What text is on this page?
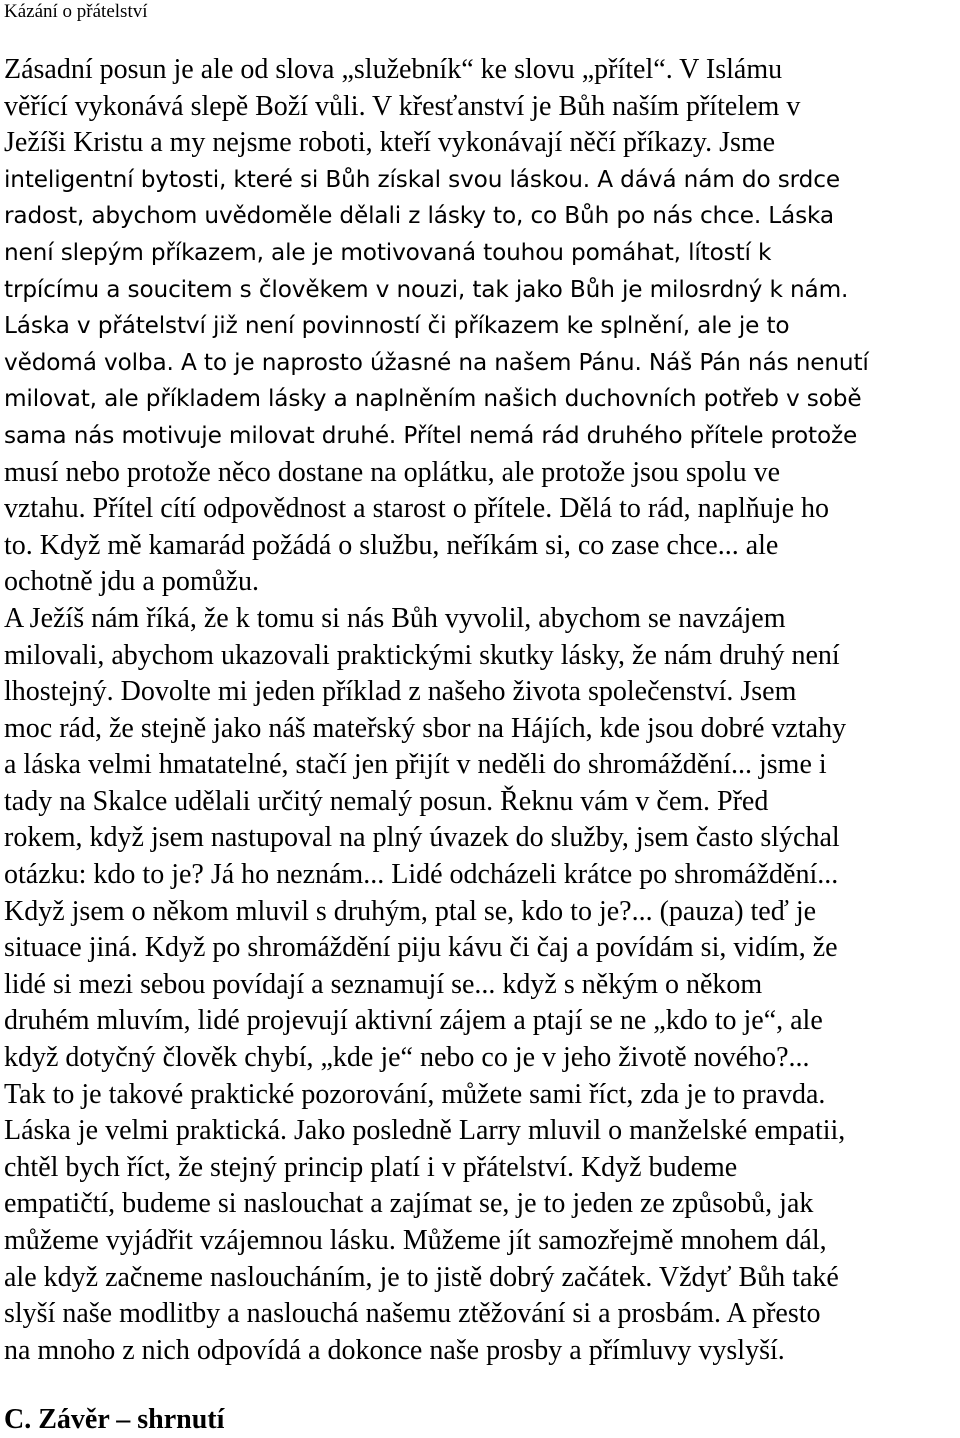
Kázání o přátelství
Zásadní posun je ale od slova „služebník“ ke slovu „přítel“. V Islámu
věřící vykonává slepě Boží vůli. V křesťanství je Bůh naším přítelem v
Ježíši Kristu a my nejsme roboti, kteří vykonávají něčí příkazy. Jsme
inteligentní bytosti, které si Bůh získal svou láskou. A dává nám do srdce
radost, abychom uvědoměle dělali z lásky to, co Bůh po nás chce. Láska
není slepým příkazem, ale je motivovaná touhou pomáhat, lítostí k
trpícímu a soucitem s člověkem v nouzi, tak jako Bůh je milosrdný k nám.
Láska v přátelství již není povinností či příkazem ke splnění, ale je to
vědomá volba. A to je naprosto úžasné na našem Pánu. Náš Pán nás nenutí
milovat, ale příkladem lásky a naplněním našich duchovních potřeb v sobě
sama nás motivuje milovat druhé. Přítel nemá rád druhého přítele protože
musí nebo protože něco dostane na oplátku, ale protože jsou spolu ve
vztahu. Přítel cítí odpovědnost a starost o přítele. Dělá to rád, naplňuje ho
to. Když mě kamarád požádá o službu, neříkám si, co zase chce... ale
ochotně jdu a pomůžu.
A Ježíš nám říká, že k tomu si nás Bůh vyvolil, abychom se navzájem
milovali, abychom ukazovali praktickými skutky lásky, že nám druhý není
lhostejný. Dovolte mi jeden příklad z našeho života společenství. Jsem
moc rád, že stejně jako náš mateřský sbor na Hájích, kde jsou dobré vztahy
a láska velmi hmatatelné, stačí jen přijít v neděli do shromáždění... jsme i
tady na Skalce udělali určitý nemalý posun. Řeknu vám v čem. Před
rokem, když jsem nastupoval na plný úvazek do služby, jsem často slýchal
otázku: kdo to je? Já ho neznám... Lidé odcházeli krátce po shromáždění...
Když jsem o někom mluvil s druhým, ptal se, kdo to je?... (pauza) teď je
situace jiná. Když po shromáždění piju kávu či čaj a povídám si, vidím, že
lidé si mezi sebou povídají a seznamují se... když s někým o někom
druhém mluvím, lidé projevují aktivní zájem a ptají se ne „kdo to je“, ale
když dotyčný člověk chybí, „kde je“ nebo co je v jeho životě nového?...
Tak to je takové praktické pozorování, můžete sami říct, zda je to pravda.
Láska je velmi praktická. Jako posledně Larry mluvil o manželské empatii,
chtěl bych říct, že stejný princip platí i v přátelství. Když budeme
empatičtí, budeme si naslouchat a zajímat se, je to jeden ze způsobů, jak
můžeme vyjádřit vzájemnou lásku. Můžeme jít samozřejmě mnohem dál,
ale když začneme nasloucháním, je to jistě dobrý začátek. Vždyť Bůh také
slyší naše modlitby a naslouchá našemu ztěžování si a prosbám. A přesto
na mnoho z nich odpovídá a dokonce naše prosby a přímluvy vyslyší.
C. Závěr – shrnutí
